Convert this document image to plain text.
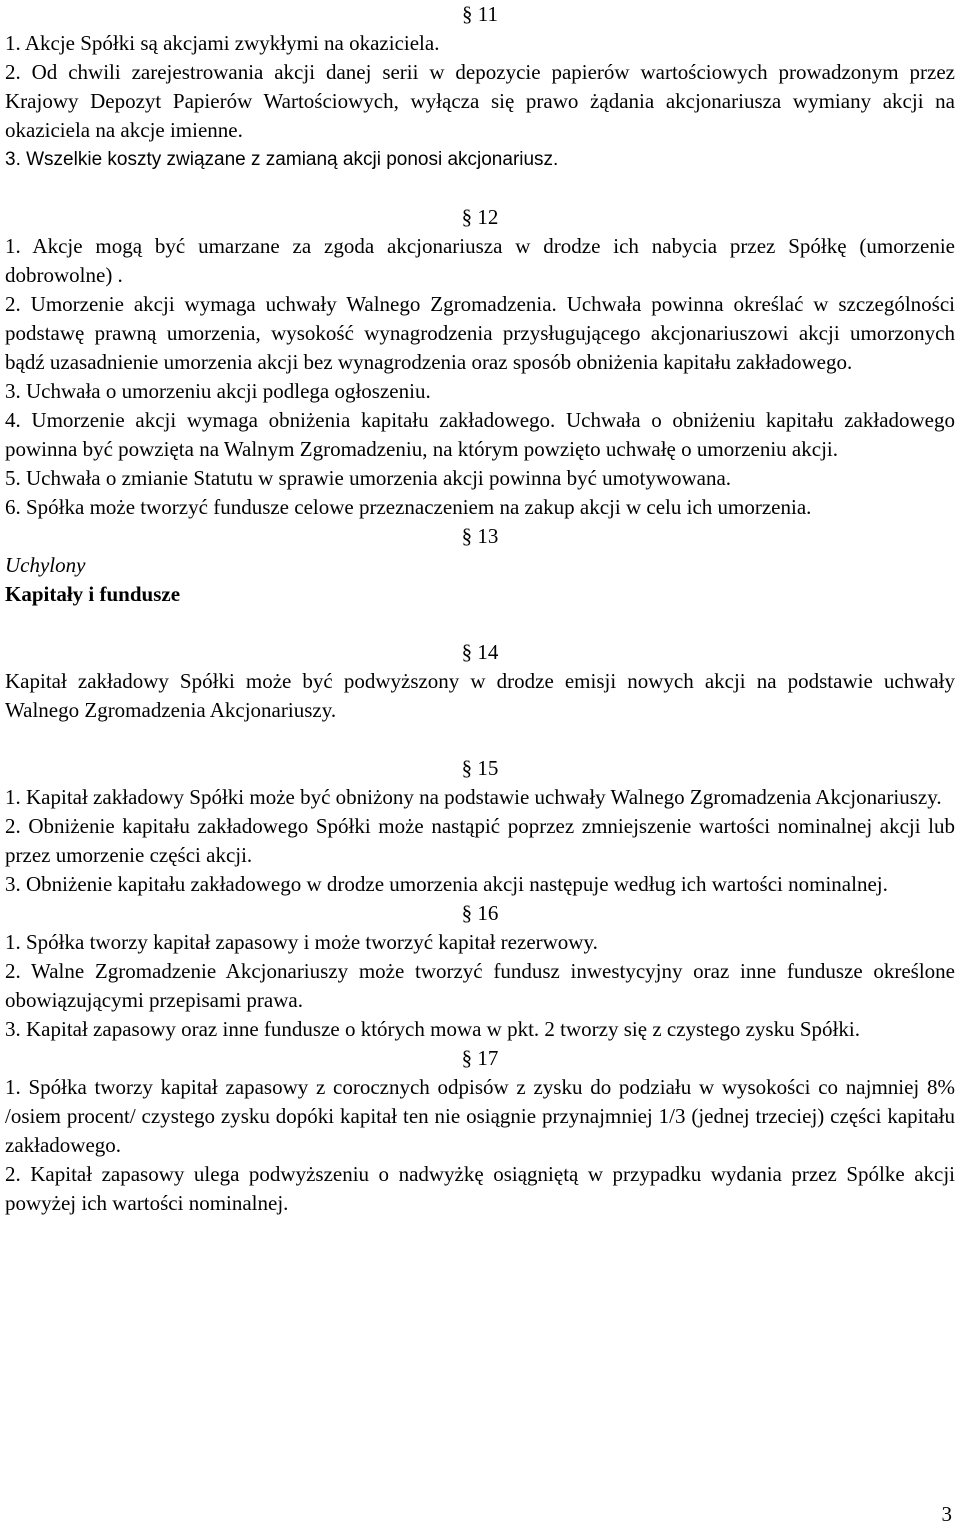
§ 11

1. Akcje Spółki są akcjami zwykłymi na okaziciela.

2. Od chwili zarejestrowania akcji danej serii w depozycie papierów wartościowych prowadzonym przez Krajowy Depozyt Papierów Wartościowych, wyłącza się prawo żądania akcjonariusza wymiany akcji na okaziciela na akcje imienne.

3. Wszelkie koszty związane z zamianą akcji ponosi akcjonariusz.

§ 12

1. Akcje mogą być umarzane za zgoda akcjonariusza w drodze ich nabycia przez Spółkę (umorzenie dobrowolne) .

2. Umorzenie akcji wymaga uchwały Walnego Zgromadzenia. Uchwała powinna określać w szczególności podstawę prawną umorzenia, wysokość wynagrodzenia przysługującego akcjonariuszowi akcji umorzonych bądź uzasadnienie umorzenia akcji bez wynagrodzenia oraz sposób obniżenia kapitału zakładowego.

3. Uchwała o umorzeniu akcji podlega ogłoszeniu.

4. Umorzenie akcji wymaga obniżenia kapitału zakładowego. Uchwała o obniżeniu kapitału zakładowego powinna być powzięta na Walnym Zgromadzeniu, na którym powzięto uchwałę o umorzeniu akcji.

5. Uchwała o zmianie Statutu w sprawie umorzenia akcji powinna być umotywowana.

6. Spółka może tworzyć fundusze celowe przeznaczeniem na zakup akcji w celu ich umorzenia.

§ 13

Uchylony

Kapitały i fundusze

§ 14

Kapitał zakładowy Spółki może być podwyższony w drodze emisji nowych akcji na podstawie uchwały Walnego Zgromadzenia Akcjonariuszy.

§ 15

1. Kapitał zakładowy Spółki może być obniżony na podstawie uchwały Walnego Zgromadzenia Akcjonariuszy.

2. Obniżenie kapitału zakładowego Spółki może nastąpić poprzez zmniejszenie wartości nominalnej akcji lub przez umorzenie części akcji.

3. Obniżenie kapitału zakładowego w drodze umorzenia akcji następuje według ich wartości nominalnej.

§ 16

1. Spółka tworzy kapitał zapasowy i może tworzyć kapitał rezerwowy.

2. Walne Zgromadzenie Akcjonariuszy może tworzyć fundusz inwestycyjny oraz inne fundusze określone obowiązującymi przepisami prawa.

3. Kapitał zapasowy oraz inne fundusze o których mowa w pkt. 2 tworzy się z czystego zysku Spółki.

§ 17

1. Spółka tworzy kapitał zapasowy z corocznych odpisów z zysku do podziału w wysokości co najmniej 8% /osiem procent/ czystego zysku dopóki kapitał ten nie osiągnie przynajmniej 1/3 (jednej trzeciej) części kapitału zakładowego.

2. Kapitał zapasowy ulega podwyższeniu o nadwyżkę osiągniętą w przypadku wydania przez Spólke akcji powyżej ich wartości nominalnej.

3
